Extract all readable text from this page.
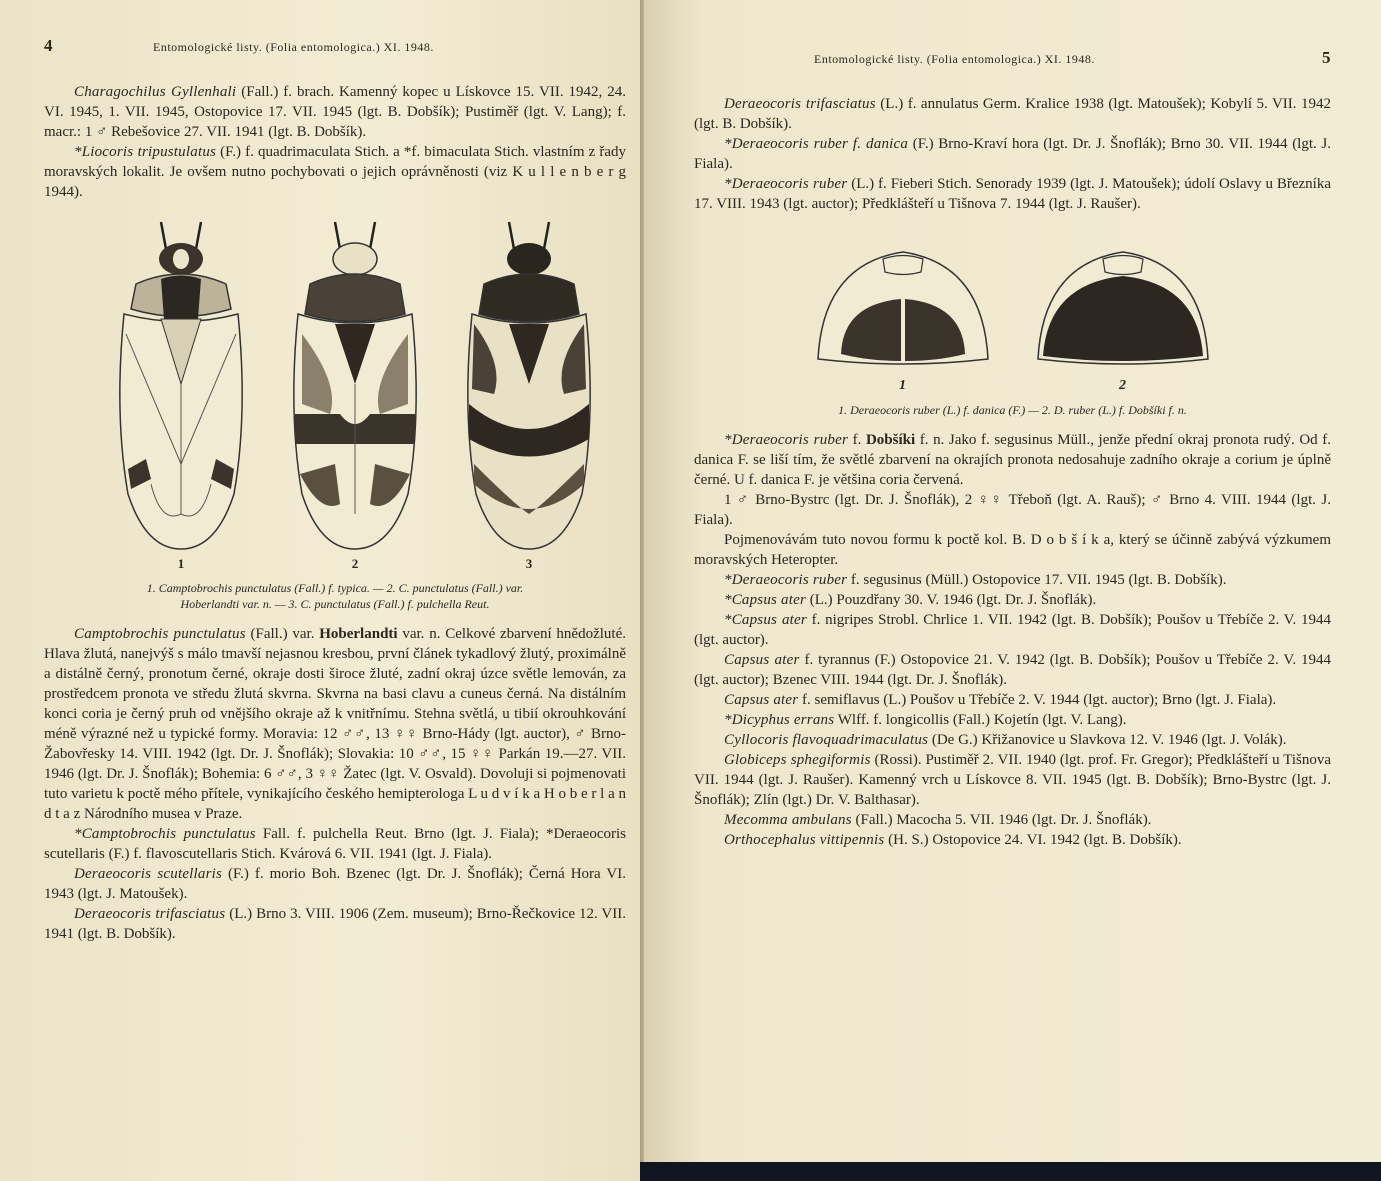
4	Entomologické listy. (Folia entomologica.) XI. 1948.

Charagochilus Gyllenhali (Fall.) f. brach. Kamenný kopec u Lískovce 15. VII. 1942, 24. VI. 1945, 1. VII. 1945, Ostopovice 17. VII. 1945 (lgt. B. Dobšík); Pustiměř (lgt. V. Lang); f. macr.: 1 ♂ Rebešovice 27. VII. 1941 (lgt. B. Dobšík).

*Liocoris tripustulatus (F.) f. quadrimaculata Stich. a *f. bimaculata Stich. vlastním z řady moravských lokalit. Je ovšem nutno pochybovati o jejich oprávněnosti (viz K u l l e n b e r g 1944).

1	2	3
1. Camptobrochis punctulatus (Fall.) f. typica. — 2. C. punctulatus (Fall.) var.
Hoberlandti var. n. — 3. C. punctulatus (Fall.) f. pulchella Reut.

Camptobrochis punctulatus (Fall.) var. Hoberlandti var. n. Celkové zbarvení hnědožluté. Hlava žlutá, nanejvýš s málo tmavší nejasnou kresbou, první článek tykadlový žlutý, proximálně a distálně černý, pronotum černé, okraje dosti široce žluté, zadní okraj úzce světle lemován, za prostředcem pronota ve středu žlutá skvrna. Skvrna na basi clavu a cuneus černá. Na distálním konci coria je černý pruh od vnějšího okraje až k vnitřnímu. Stehna světlá, u tibií okrouhkování méně výrazné než u typické formy. Moravia: 12 ♂♂, 13 ♀♀ Brno-Hády (lgt. auctor), ♂ Brno-Žabovřesky 14. VIII. 1942 (lgt. Dr. J. Šnoflák); Slovakia: 10 ♂♂, 15 ♀♀ Parkán 19.—27. VII. 1946 (lgt. Dr. J. Šnoflák); Bohemia: 6 ♂♂, 3 ♀♀ Žatec (lgt. V. Osvald). Dovoluji si pojmenovati tuto varietu k poctě mého přítele, vynikajícího českého hemipterologa L u d v í k a H o b e r l a n d t a z Národního musea v Praze.

*Camptobrochis punctulatus Fall. f. pulchella Reut. Brno (lgt. J. Fiala); *Deraeocoris scutellaris (F.) f. flavoscutellaris Stich. Kvárová 6. VII. 1941 (lgt. J. Fiala).

Deraeocoris scutellaris (F.) f. morio Boh. Bzenec (lgt. Dr. J. Šnoflák); Černá Hora VI. 1943 (lgt. J. Matoušek).

Deraeocoris trifasciatus (L.) Brno 3. VIII. 1906 (Zem. museum); Brno-Řečkovice 12. VII. 1941 (lgt. B. Dobšík).

Entomologické listy. (Folia entomologica.) XI. 1948.	5

Deraeocoris trifasciatus (L.) f. annulatus Germ. Kralice 1938 (lgt. Matoušek); Kobylí 5. VII. 1942 (lgt. B. Dobšík).

*Deraeocoris ruber f. danica (F.) Brno-Kraví hora (lgt. Dr. J. Šnoflák); Brno 30. VII. 1944 (lgt. J. Fiala).

*Deraeocoris ruber (L.) f. Fieberi Stich. Senorady 1939 (lgt. J. Matoušek); údolí Oslavy u Březníka 17. VIII. 1943 (lgt. auctor); Předklášteří u Tišnova 7. 1944 (lgt. J. Raušer).

1	2
1. Deraeocoris ruber (L.) f. danica (F.) — 2. D. ruber (L.) f. Dobšíki f. n.

*Deraeocoris ruber f. Dobšíki f. n. Jako f. segusinus Müll., jenže přední okraj pronota rudý. Od f. danica F. se liší tím, že světlé zbarvení na okrajích pronota nedosahuje zadního okraje a corium je úplně černé. U f. danica F. je většina coria červená.

1 ♂ Brno-Bystrc (lgt. Dr. J. Šnoflák), 2 ♀♀ Třeboň (lgt. A. Rauš); ♂ Brno 4. VIII. 1944 (lgt. J. Fiala).

Pojmenovávám tuto novou formu k poctě kol. B. D o b š í k a, který se účinně zabývá výzkumem moravských Heteropter.

*Deraeocoris ruber f. segusinus (Müll.) Ostopovice 17. VII. 1945 (lgt. B. Dobšík).

*Capsus ater (L.) Pouzdřany 30. V. 1946 (lgt. Dr. J. Šnoflák).

*Capsus ater f. nigripes Strobl. Chrlice 1. VII. 1942 (lgt. B. Dobšík); Poušov u Třebíče 2. V. 1944 (lgt. auctor).

Capsus ater f. tyrannus (F.) Ostopovice 21. V. 1942 (lgt. B. Dobšík); Poušov u Třebíče 2. V. 1944 (lgt. auctor); Bzenec VIII. 1944 (lgt. Dr. J. Šnoflák).

Capsus ater f. semiflavus (L.) Poušov u Třebíče 2. V. 1944 (lgt. auctor); Brno (lgt. J. Fiala).

*Dicyphus errans Wlff. f. longicollis (Fall.) Kojetín (lgt. V. Lang).

Cyllocoris flavoquadrimaculatus (De G.) Křižanovice u Slavkova 12. V. 1946 (lgt. J. Volák).

Globiceps sphegiformis (Rossi). Pustiměř 2. VII. 1940 (lgt. prof. Fr. Gregor); Předklášteří u Tišnova VII. 1944 (lgt. J. Raušer). Kamenný vrch u Lískovce 8. VII. 1945 (lgt. B. Dobšík); Brno-Bystrc (lgt. J. Šnoflák); Zlín (lgt.) Dr. V. Balthasar).

Mecomma ambulans (Fall.) Macocha 5. VII. 1946 (lgt. Dr. J. Šnoflák).

Orthocephalus vittipennis (H. S.) Ostopovice 24. VI. 1942 (lgt. B. Dobšík).
